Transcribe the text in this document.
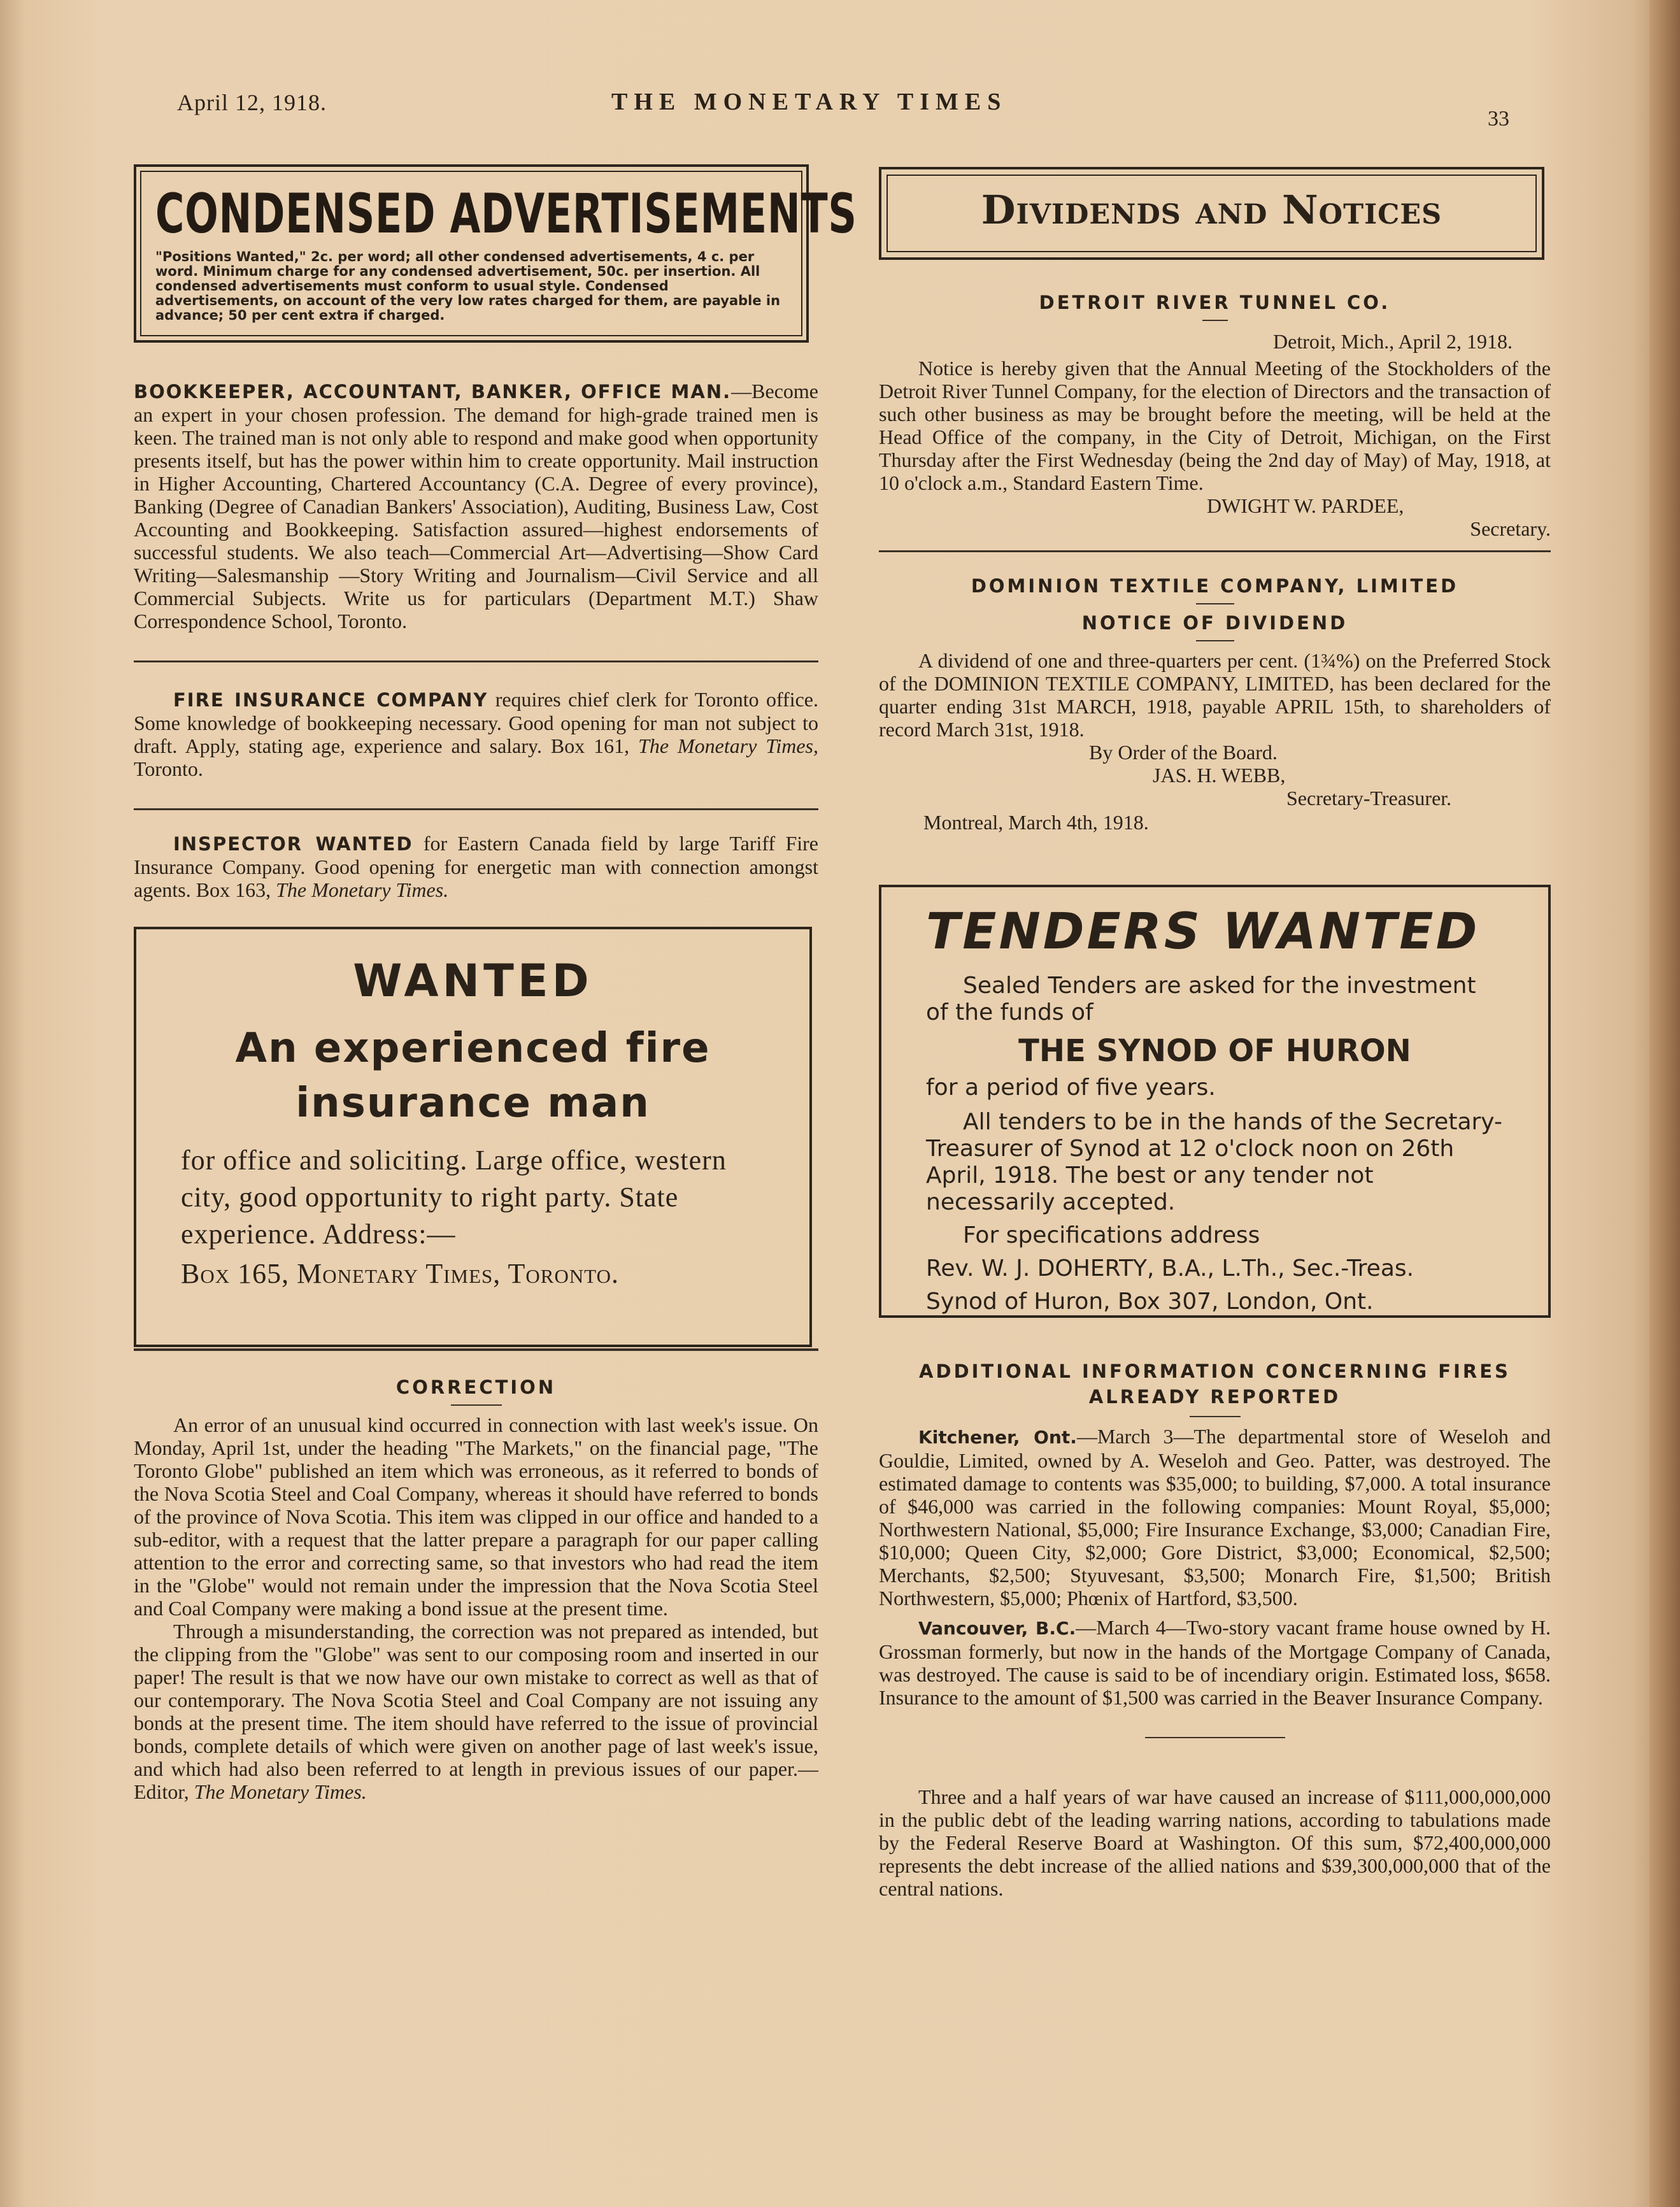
April 12, 1918.	THE MONETARY TIMES
33
CONDENSED ADVERTISEMENTS
"Positions Wanted," 2c. per word; all other condensed advertisements, 4 c. per word. Minimum charge for any condensed advertisement, 50c. per insertion. All condensed advertisements must conform to usual style. Condensed advertisements, on account of the very low rates charged for them, are payable in advance; 50 per cent extra if charged.

BOOKKEEPER, ACCOUNTANT, BANKER, OFFICE MAN.—Become an expert in your chosen profession. The demand for high-grade trained men is keen. The trained man is not only able to respond and make good when opportunity presents itself, but has the power within him to create opportunity. Mail instruction in Higher Accounting, Chartered Accountancy (C.A. Degree of every province), Banking (Degree of Canadian Bankers' Association), Auditing, Business Law, Cost Accounting and Bookkeeping. Satisfaction assured—highest endorsements of successful students. We also teach—Commercial Art—Advertising—Show Card Writing—Salesmanship —Story Writing and Journalism—Civil Service and all Commercial Subjects. Write us for particulars (Department M.T.) Shaw Correspondence School, Toronto.

FIRE INSURANCE COMPANY requires chief clerk for Toronto office. Some knowledge of bookkeeping necessary. Good opening for man not subject to draft. Apply, stating age, experience and salary. Box 161, The Monetary Times, Toronto.

INSPECTOR WANTED for Eastern Canada field by large Tariff Fire Insurance Company. Good opening for energetic man with connection amongst agents. Box 163, The Monetary Times.

WANTED
An experienced fire insurance man
for office and soliciting. Large office, western city, good opportunity to right party. State experience. Address:—
Box 165, Monetary Times, Toronto.
CORRECTION

An error of an unusual kind occurred in connection with last week's issue. On Monday, April 1st, under the heading "The Markets," on the financial page, "The Toronto Globe" published an item which was erroneous, as it referred to bonds of the Nova Scotia Steel and Coal Company, whereas it should have referred to bonds of the province of Nova Scotia. This item was clipped in our office and handed to a sub-editor, with a request that the latter prepare a paragraph for our paper calling attention to the error and correcting same, so that investors who had read the item in the "Globe" would not remain under the impression that the Nova Scotia Steel and Coal Company were making a bond issue at the present time.

Through a misunderstanding, the correction was not prepared as intended, but the clipping from the "Globe" was sent to our composing room and inserted in our paper! The result is that we now have our own mistake to correct as well as that of our contemporary. The Nova Scotia Steel and Coal Company are not issuing any bonds at the present time. The item should have referred to the issue of provincial bonds, complete details of which were given on another page of last week's issue, and which had also been referred to at length in previous issues of our paper.—Editor, The Monetary Times.

Dividends and Notices
DETROIT RIVER TUNNEL CO.
Detroit, Mich., April 2, 1918.

Notice is hereby given that the Annual Meeting of the Stockholders of the Detroit River Tunnel Company, for the election of Directors and the transaction of such other business as may be brought before the meeting, will be held at the Head Office of the company, in the City of Detroit, Michigan, on the First Thursday after the First Wednesday (being the 2nd day of May) of May, 1918, at 10 o'clock a.m., Standard Eastern Time.

DWIGHT W. PARDEE,
Secretary.
DOMINION TEXTILE COMPANY, LIMITED
NOTICE OF DIVIDEND

A dividend of one and three-quarters per cent. (1¾%) on the Preferred Stock of the DOMINION TEXTILE COMPANY, LIMITED, has been declared for the quarter ending 31st MARCH, 1918, payable APRIL 15th, to shareholders of record March 31st, 1918.

By Order of the Board.
JAS. H. WEBB,
Secretary-Treasurer.
Montreal, March 4th, 1918.
TENDERS WANTED

Sealed Tenders are asked for the investment of the funds of

THE SYNOD OF HURON

for a period of five years.

All tenders to be in the hands of the Secretary-Treasurer of Synod at 12 o'clock noon on 26th April, 1918. The best or any tender not necessarily accepted.

For specifications address

Rev. W. J. DOHERTY, B.A., L.Th., Sec.-Treas.

Synod of Huron, Box 307, London, Ont.

ADDITIONAL INFORMATION CONCERNING FIRES ALREADY REPORTED

Kitchener, Ont.—March 3—The departmental store of Weseloh and Gouldie, Limited, owned by A. Weseloh and Geo. Patter, was destroyed. The estimated damage to contents was $35,000; to building, $7,000. A total insurance of $46,000 was carried in the following companies: Mount Royal, $5,000; Northwestern National, $5,000; Fire Insurance Exchange, $3,000; Canadian Fire, $10,000; Queen City, $2,000; Gore District, $3,000; Economical, $2,500; Merchants, $2,500; Styuvesant, $3,500; Monarch Fire, $1,500; British Northwestern, $5,000; Phœnix of Hartford, $3,500.

Vancouver, B.C.—March 4—Two-story vacant frame house owned by H. Grossman formerly, but now in the hands of the Mortgage Company of Canada, was destroyed. The cause is said to be of incendiary origin. Estimated loss, $658. Insurance to the amount of $1,500 was carried in the Beaver Insurance Company.

Three and a half years of war have caused an increase of $111,000,000,000 in the public debt of the leading warring nations, according to tabulations made by the Federal Reserve Board at Washington. Of this sum, $72,400,000,000 represents the debt increase of the allied nations and $39,300,000,000 that of the central nations.
